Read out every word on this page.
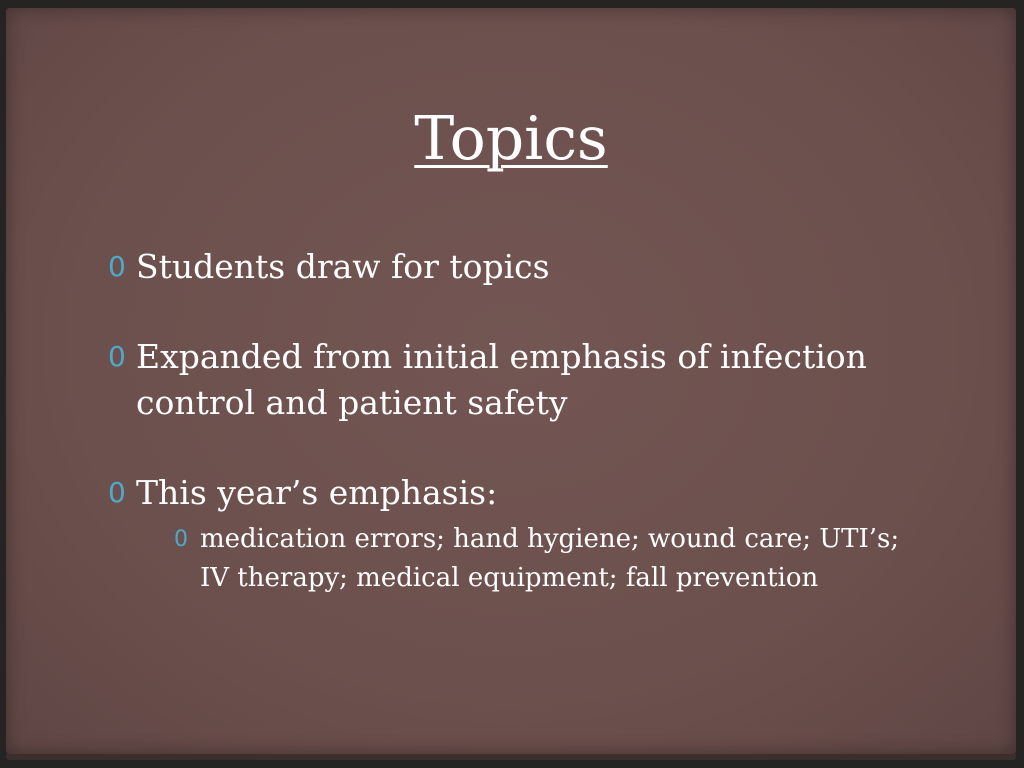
Topics
0 Students draw for topics
0 Expanded from initial emphasis of infection control and patient safety
0 This year’s emphasis:
0 medication errors; hand hygiene; wound care; UTI’s; IV therapy; medical equipment; fall prevention
